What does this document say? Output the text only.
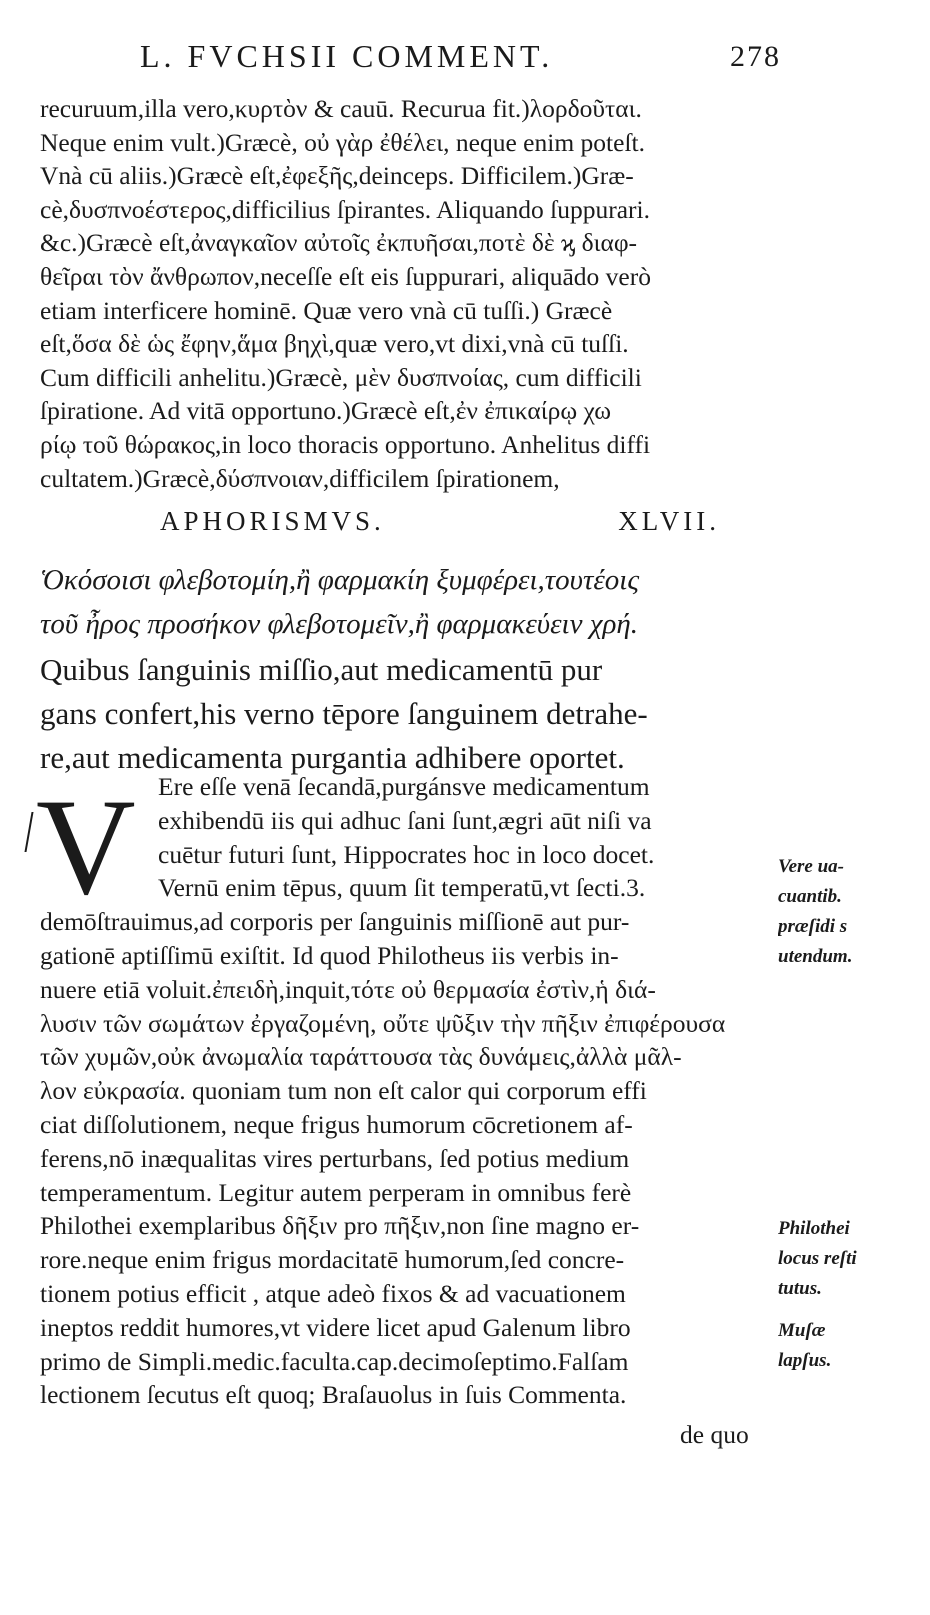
L. FVCHSII COMMENT.	278
recuruum,illa vero,κυρτὸν & cauū. Recurua fit.)λορδοῦται.
Neque enim vult.)Græcè, οὐ γὰρ ἐθέλει, neque enim poteſt.
Vnà cū aliis.)Græcè eſt,ἐφεξῆς,deinceps. Difficilem.)Græ-
cè,δυσπνοέστερος,difficilius ſpirantes. Aliquando ſuppurari.
&c.)Græcè eſt,ἀναγκαῖον αὐτοῖς ἐκπυῆσαι,ποτὲ δὲ ϗ διαφ-
θεῖραι τὸν ἄνθρωπον,neceſſe eſt eis ſuppurari, aliquādo verò
etiam interficere hominē. Quæ vero vnà cū tuſſi.) Græcè
eſt,ὅσα δὲ ὡς ἔφην,ἅμα βηχὶ,quæ vero,vt dixi,vnà cū tuſſi.
Cum difficili anhelitu.)Græcè, μὲν δυσπνοίας, cum difficili
ſpiratione. Ad vitā opportuno.)Græcè eſt,ἐν ἐπικαίρῳ χω
ρίῳ τοῦ θώρακος,in loco thoracis opportuno. Anhelitus diffi
cultatem.)Græcè,δύσπνοιαν,difficilem ſpirationem,
APHORISMVS.	XLVII.
Ὁκόσοισι φλεβοτομίη,ἢ φαρμακίη ξυμφέρει,τουτέοις
τοῦ ἦρος προσήκον φλεβοτομεῖν,ἢ φαρμακεύειν χρή.
Quibus ſanguinis miſſio,aut medicamentū pur
gans confert,his verno tēpore ſanguinem detrahe-
re,aut medicamenta purgantia adhibere oportet.
V Ere eſſe venā ſecandā,purgánsve medicamentum
exhibendū iis qui adhuc ſani ſunt,ægri aūt niſi va
cuētur futuri ſunt, Hippocrates hoc in loco docet.
Vernū enim tēpus, quum ſit temperatū,vt ſecti.3.
demōſtrauimus,ad corporis per ſanguinis miſſionē aut pur-
gationē aptiſſimū exiſtit. Id quod Philotheus iis verbis in-
nuere etiā voluit.ἐπειδὴ,inquit,τότε οὐ θερμασία ἐστὶν,ἡ διά-
λυσιν τῶν σωμάτων ἐργαζομένη, οὔτε ψῦξιν τὴν πῆξιν ἐπιφέρουσα
τῶν χυμῶν,οὐκ ἀνωμαλία ταράττουσα τὰς δυνάμεις,ἀλλὰ μᾶλ-
λον εὐκρασία. quoniam tum non eſt calor qui corporum effi
ciat diſſolutionem, neque frigus humorum cōcretionem af-
ferens,nō inæqualitas vires perturbans, ſed potius medium
temperamentum. Legitur autem perperam in omnibus ferè
Philothei exemplaribus δῆξιν pro πῆξιν,non ſine magno er-
rore.neque enim frigus mordacitatē humorum,ſed concre-
tionem potius efficit , atque adeò fixos & ad vacuationem
ineptos reddit humores,vt videre licet apud Galenum libro
primo de Simpli.medic.faculta.cap.decimoſeptimo.Falſam
lectionem ſecutus eſt quoq; Braſauolus in ſuis Commenta.
de quo
Vere ua-
cuantib.
præſidi s
utendum.
Philothei
locus reſti
tutus.
Muſæ
lapſus.
